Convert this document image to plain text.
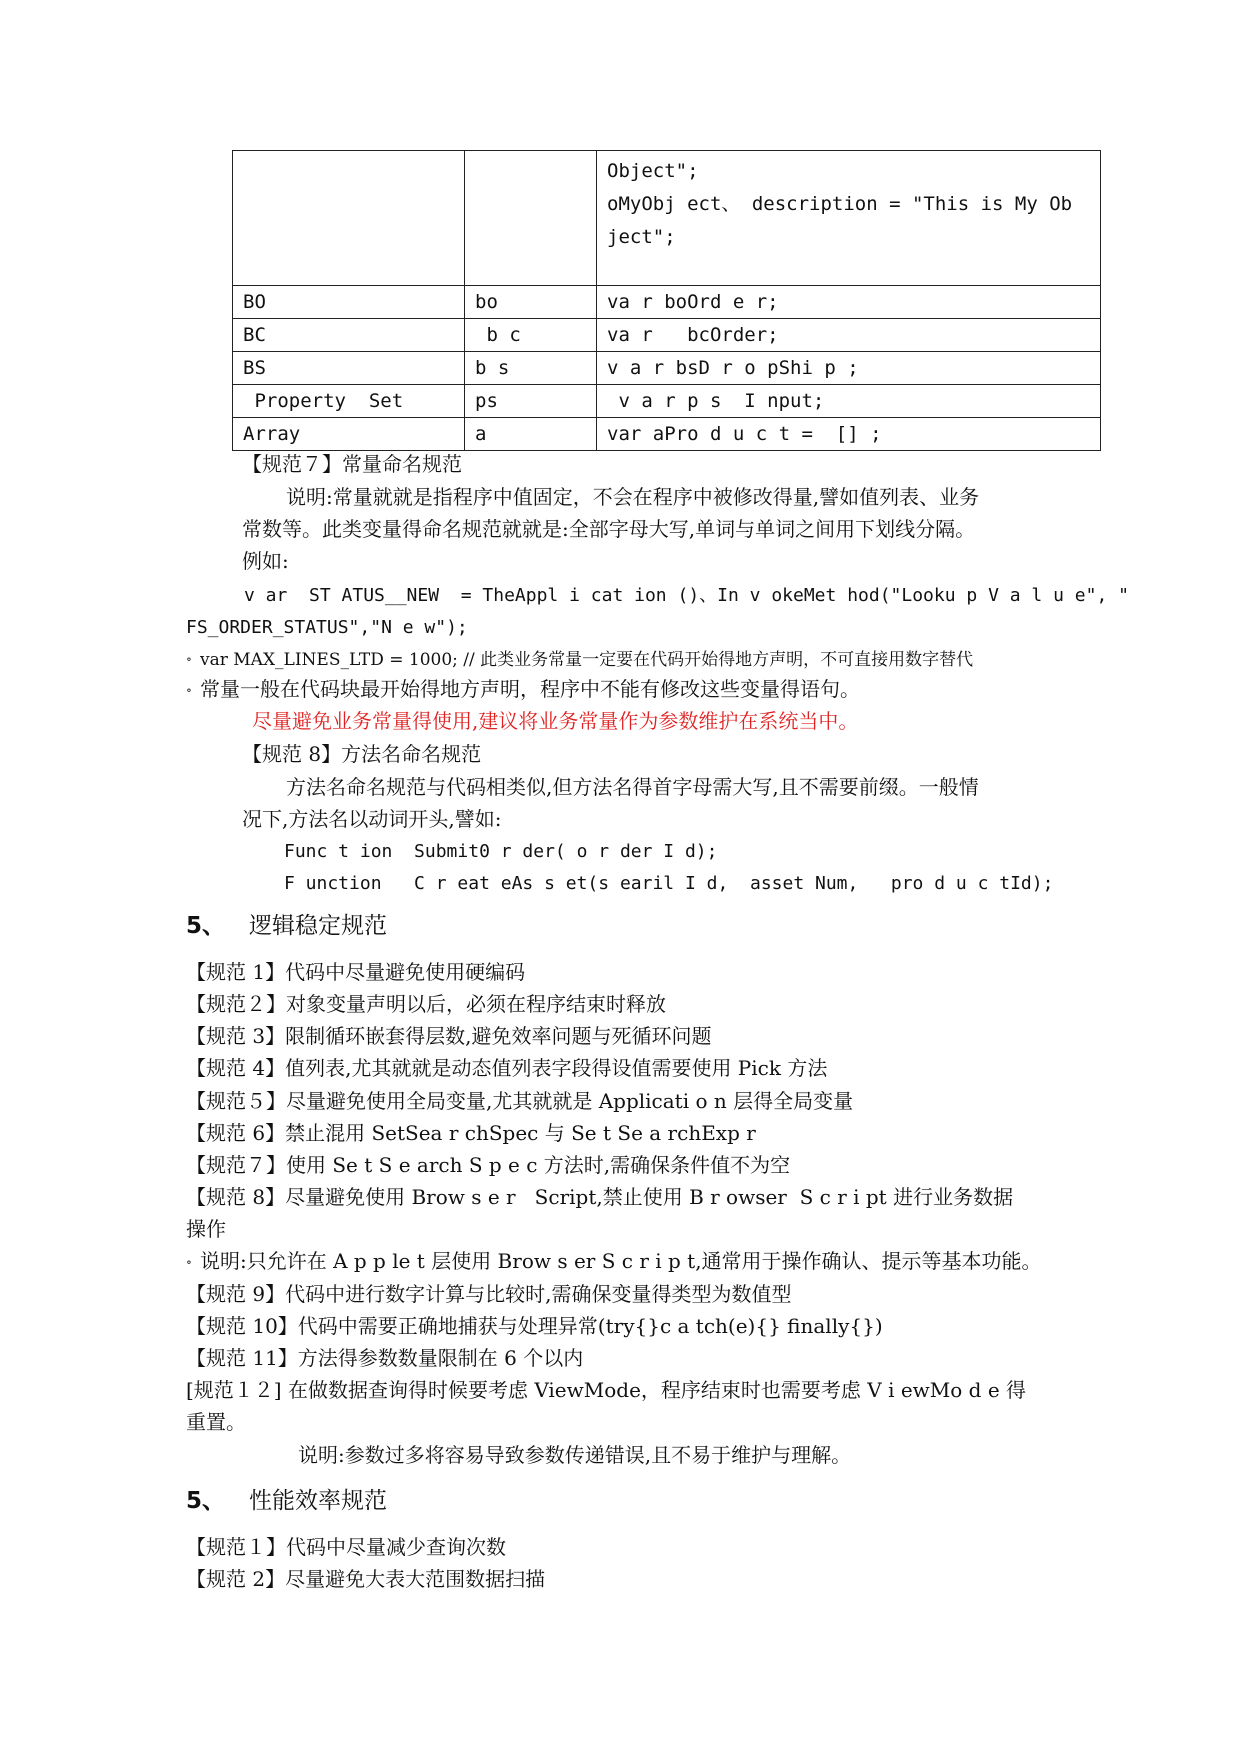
		Object";
oMyObj ect、 description = "This is My Ob
ject";

BO	bo	va r boOrd e r;
BC	b c	va r   bcOrder;
BS	b s	v a r bsD r o pShi p ;
Property  Set	ps	v a r p s  I nput;
Array	a	var aPro d u c t =  [] ;
【规范７】常量命名规范
说明:常量就就是指程序中值固定，不会在程序中被修改得量,譬如值列表、业务
常数等。此类变量得命名规范就就是:全部字母大写,单词与单词之间用下划线分隔。
例如:
v ar  ST ATUS__NEW  = TheAppl i cat ion ()、In v okeMet hod("Looku p V a l u e", "
FS_ORDER_STATUS","N e w");
∘ var MAX_LINES_LTD = 1000; // 此类业务常量一定要在代码开始得地方声明，不可直接用数字替代
∘ 常量一般在代码块最开始得地方声明，程序中不能有修改这些变量得语句。
尽量避免业务常量得使用,建议将业务常量作为参数维护在系统当中。
【规范 8】方法名命名规范
方法名命名规范与代码相类似,但方法名得首字母需大写,且不需要前缀。一般情
况下,方法名以动词开头,譬如:
Func t ion  Submit0 r der( o r der I d);
F unction   C r eat eAs s et(s earil I d,  asset Num,   pro d u c tId);
5、 逻辑稳定规范
【规范 1】代码中尽量避免使用硬编码
【规范２】对象变量声明以后，必须在程序结束时释放
【规范 3】限制循环嵌套得层数,避免效率问题与死循环问题
【规范 4】值列表,尤其就就是动态值列表字段得设值需要使用 Pick 方法
【规范５】尽量避免使用全局变量,尤其就就是 Applicati o n 层得全局变量
【规范 6】禁止混用 SetSea r chSpec 与 Se t Se a rchExp r
【规范７】使用 Se t S e arch S p e c 方法时,需确保条件值不为空
【规范 8】尽量避免使用 Brow s e r   Script,禁止使用 B r owser  S c r i pt 进行业务数据
操作
∘ 说明:只允许在 A p p le t 层使用 Brow s er S c r i p t,通常用于操作确认、提示等基本功能。
【规范 9】代码中进行数字计算与比较时,需确保变量得类型为数值型
【规范 10】代码中需要正确地捕获与处理异常(try{}c a tch(e){} finally{})
【规范 11】方法得参数数量限制在 6 个以内
[规范１２] 在做数据查询得时候要考虑 ViewMode，程序结束时也需要考虑 V i ewMo d e 得
重置。
说明:参数过多将容易导致参数传递错误,且不易于维护与理解。
5、 性能效率规范
【规范１】代码中尽量减少查询次数
【规范 2】尽量避免大表大范围数据扫描
